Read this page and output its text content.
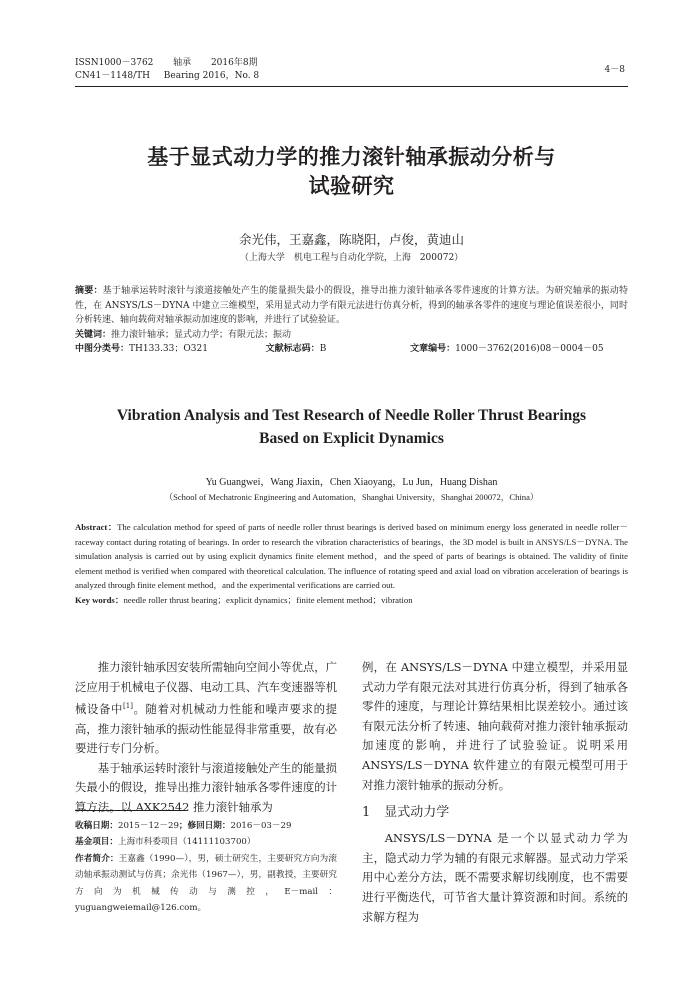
ISSN1000－3762 轴承 2016年8期
CN41－1148/TH Bearing 2016，No. 8
4－8
基于显式动力学的推力滚针轴承振动分析与
试验研究
余光伟，王嘉鑫，陈晓阳，卢俊，黄迪山
（上海大学　机电工程与自动化学院，上海　200072）
摘要：基于轴承运转时滚针与滚道接触处产生的能量损失最小的假设，推导出推力滚针轴承各零件速度的计算方法。为研究轴承的振动特性，在 ANSYS/LS－DYNA 中建立三维模型，采用显式动力学有限元法进行仿真分析，得到的轴承各零件的速度与理论值误差很小，同时分析转速、轴向载荷对轴承振动加速度的影响，并进行了试验验证。
关键词：推力滚针轴承；显式动力学；有限元法；振动
中图分类号：TH133.33；O321	文献标志码：B	文章编号：1000－3762(2016)08－0004－05
Vibration Analysis and Test Research of Needle Roller Thrust Bearings
Based on Explicit Dynamics
Yu Guangwei，Wang Jiaxin，Chen Xiaoyang，Lu Jun，Huang Dishan
（School of Mechatronic Engineering and Automation，Shanghai University，Shanghai 200072，China）
Abstract：The calculation method for speed of parts of needle roller thrust bearings is derived based on minimum energy loss generated in needle roller－raceway contact during rotating of bearings. In order to research the vibration characteristics of bearings，the 3D model is built in ANSYS/LS－DYNA. The simulation analysis is carried out by using explicit dynamics finite element method，and the speed of parts of bearings is obtained. The validity of finite element method is verified when compared with theoretical calculation. The influence of rotating speed and axial load on vibration acceleration of bearings is analyzed through finite element method，and the experimental verifications are carried out.
Key words：needle roller thrust bearing；explicit dynamics；finite element method；vibration

推力滚针轴承因安装所需轴向空间小等优点，广泛应用于机械电子仪器、电动工具、汽车变速器等机械设备中[1]。随着对机械动力性能和噪声要求的提高，推力滚针轴承的振动性能显得非常重要，故有必要进行专门分析。

基于轴承运转时滚针与滚道接触处产生的能量损失最小的假设，推导出推力滚针轴承各零件速度的计算方法。以 AXK2542 推力滚针轴承为

收稿日期：2015－12－29；修回日期：2016－03－29
基金项目：上海市科委项目（14111103700）
作者简介：王嘉鑫（1990—），男，硕士研究生，主要研究方向为滚动轴承振动测试与仿真；余光伟（1967—），男，副教授，主要研究方向为机械传动与测控，E－mail：yuguangweiemail@126.com。

例，在 ANSYS/LS－DYNA 中建立模型，并采用显式动力学有限元法对其进行仿真分析，得到了轴承各零件的速度，与理论计算结果相比误差较小。通过该有限元法分析了转速、轴向载荷对推力滚针轴承振动加速度的影响，并进行了试验验证。说明采用 ANSYS/LS－DYNA 软件建立的有限元模型可用于对推力滚针轴承的振动分析。

1 显式动力学

ANSYS/LS－DYNA 是一个以显式动力学为主，隐式动力学为辅的有限元求解器。显式动力学采用中心差分方法，既不需要求解切线刚度，也不需要进行平衡迭代，可节省大量计算资源和时间。系统的求解方程为
